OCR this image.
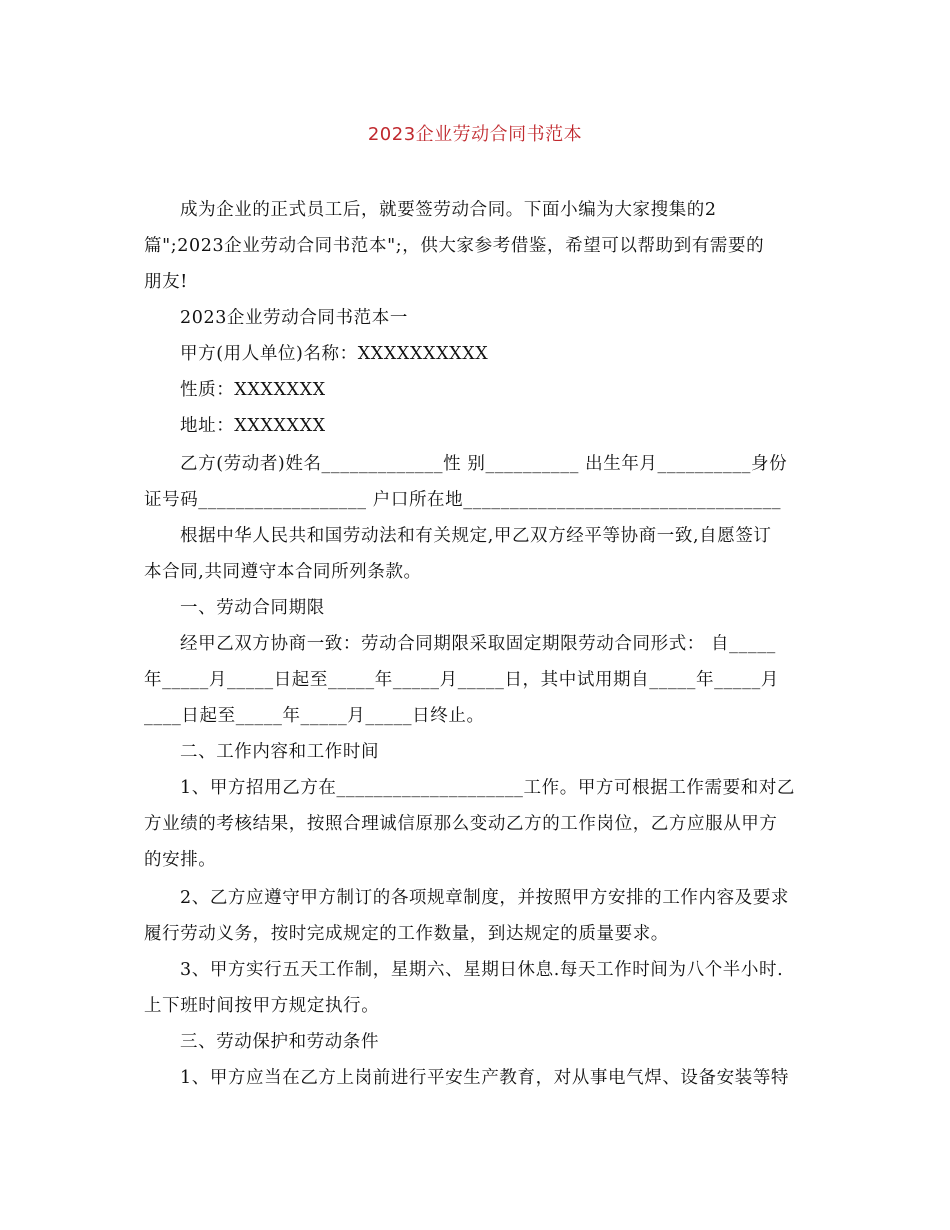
2023企业劳动合同书范本
成为企业的正式员工后，就要签劳动合同。下面小编为大家搜集的2
篇";2023企业劳动合同书范本";，供大家参考借鉴，希望可以帮助到有需要的
朋友!
2023企业劳动合同书范本一
甲方(用人单位)名称：XXXXXXXXXX
性质：XXXXXXX
地址：XXXXXXX
乙方(劳动者)姓名_____________性 别__________ 出生年月__________身份
证号码__________________ 户口所在地__________________________________
根据中华人民共和国劳动法和有关规定,甲乙双方经平等协商一致,自愿签订
本合同,共同遵守本合同所列条款。
一、劳动合同期限
经甲乙双方协商一致：劳动合同期限采取固定期限劳动合同形式： 自_____
年_____月_____日起至_____年_____月_____日，其中试用期自_____年_____月
____日起至_____年_____月_____日终止。
二、工作内容和工作时间
1、甲方招用乙方在____________________工作。甲方可根据工作需要和对乙
方业绩的考核结果，按照合理诚信原那么变动乙方的工作岗位，乙方应服从甲方
的安排。
2、乙方应遵守甲方制订的各项规章制度，并按照甲方安排的工作内容及要求
履行劳动义务，按时完成规定的工作数量，到达规定的质量要求。
3、甲方实行五天工作制，星期六、星期日休息.每天工作时间为八个半小时.
上下班时间按甲方规定执行。
三、劳动保护和劳动条件
1、甲方应当在乙方上岗前进行平安生产教育，对从事电气焊、设备安装等特
